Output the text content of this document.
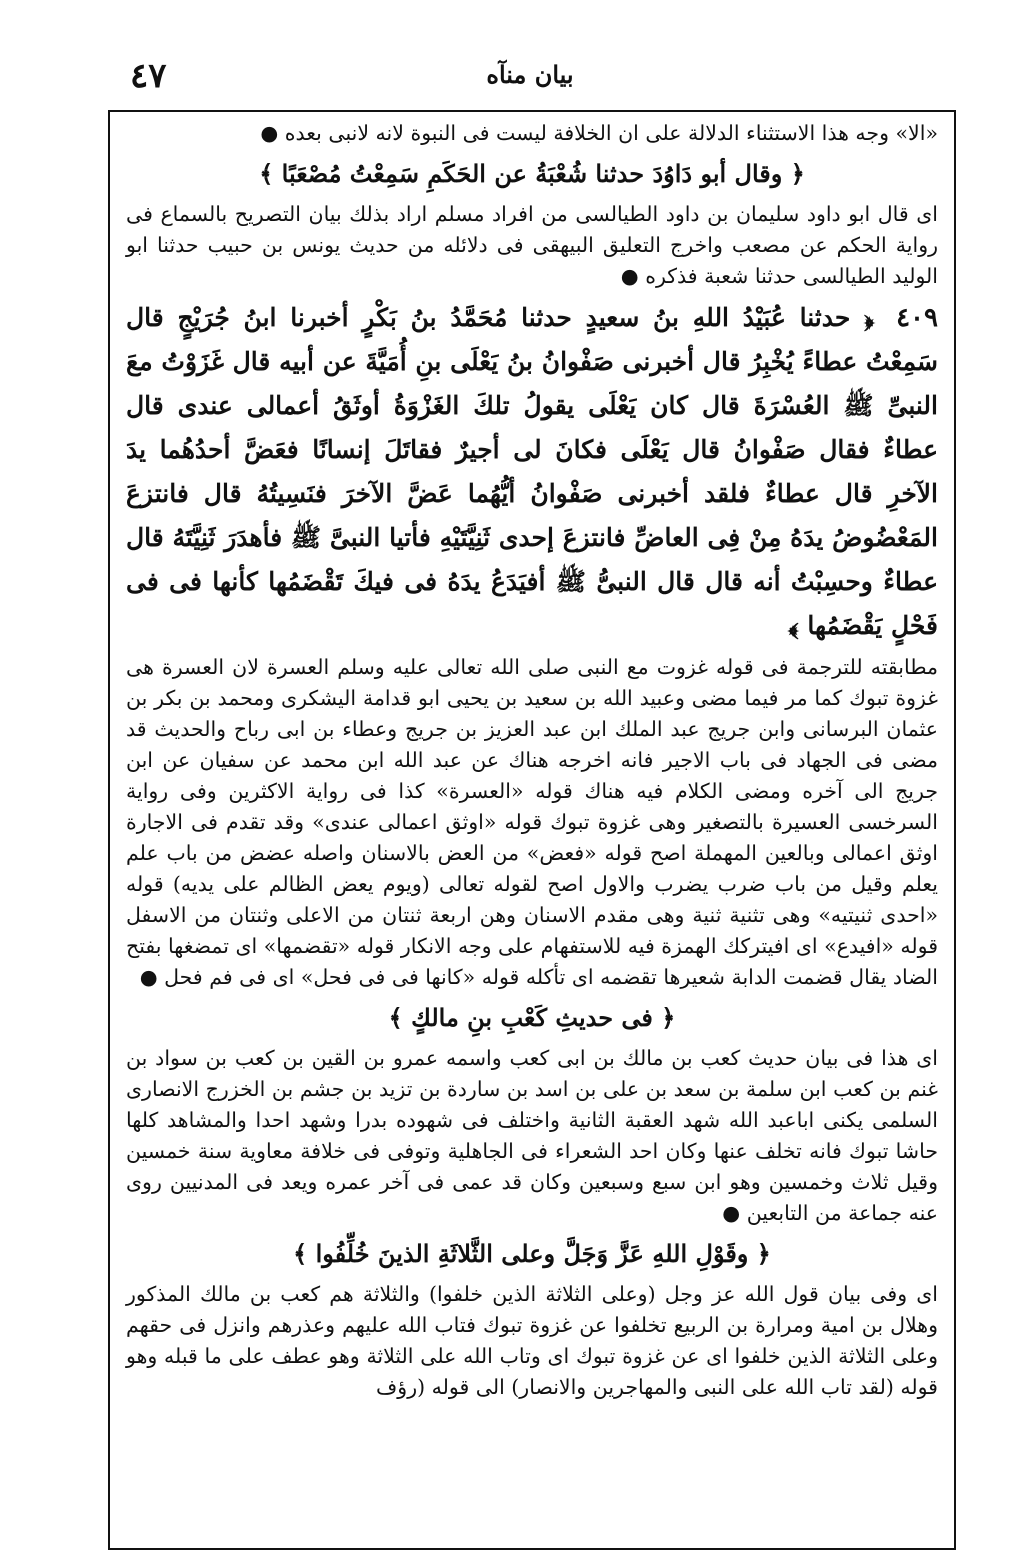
٤٧	بيان منآه

«الا» وجه هذا الاستثناء الدلالة على ان الخلافة ليست فى النبوة لانه لانبى بعده ●

﴿ وقال أبو دَاوُدَ حدثنا شُعْبَةُ عن الحَكَمِ سَمِعْتُ مُصْعَبًا ﴾

اى قال ابو داود سليمان بن داود الطيالسى من افراد مسلم اراد بذلك بيان التصريح بالسماع فى رواية الحكم عن مصعب واخرج التعليق البيهقى فى دلائله من حديث يونس بن حبيب حدثنا ابو الوليد الطيالسى حدثنا شعبة فذكره ●

٤٠٩ ﴿ حدثنا عُبَيْدُ اللهِ بنُ سعيدٍ حدثنا مُحَمَّدُ بنُ بَكْرٍ أخبرنا ابنُ جُرَيْجٍ قال سَمِعْتُ عطاءً يُخْبِرُ قال أخبرنى صَفْوانُ بنُ يَعْلَى بنِ أُمَيَّةَ عن أبيه قال غَزَوْتُ معَ النبىِّ ﷺ العُسْرَةَ قال كان يَعْلَى يقولُ تلكَ الغَزْوَةُ أوثَقُ أعمالى عندى قال عطاءٌ فقال صَفْوانُ قال يَعْلَى فكانَ لى أجيرٌ فقاتَلَ إنسانًا فعَضَّ أحدُهُما يدَ الآخرِ قال عطاءٌ فلقد أخبرنى صَفْوانُ أيُّهُما عَضَّ الآخرَ فنَسِيتُهُ قال فانتزعَ المَعْضُوضُ يدَهُ مِنْ فِى العاضِّ فانتزعَ إحدى ثَنِيَّتَيْهِ فأتيا النبىَّ ﷺ فأهدَرَ ثَنِيَّتَهُ قال عطاءٌ وحسِبْتُ أنه قال قال النبىُّ ﷺ أفيَدَعُ يدَهُ فى فيكَ تَقْضَمُها كأنها فى فى فَحْلٍ يَقْضَمُها ﴾

مطابقته للترجمة فى قوله غزوت مع النبى صلى الله تعالى عليه وسلم العسرة لان العسرة هى غزوة تبوك كما مر فيما مضى وعبيد الله بن سعيد بن يحيى ابو قدامة اليشكرى ومحمد بن بكر بن عثمان البرسانى وابن جريج عبد الملك ابن عبد العزيز بن جريج وعطاء بن ابى رباح والحديث قد مضى فى الجهاد فى باب الاجير فانه اخرجه هناك عن عبد الله ابن محمد عن سفيان عن ابن جريج الى آخره ومضى الكلام فيه هناك قوله «العسرة» كذا فى رواية الاكثرين وفى رواية السرخسى العسيرة بالتصغير وهى غزوة تبوك قوله «اوثق اعمالى عندى» وقد تقدم فى الاجارة اوثق اعمالى وبالعين المهملة اصح قوله «فعض» من العض بالاسنان واصله عضض من باب علم يعلم وقيل من باب ضرب يضرب والاول اصح لقوله تعالى (ويوم يعض الظالم على يديه) قوله «احدى ثنيتيه» وهى تثنية ثنية وهى مقدم الاسنان وهن اربعة ثنتان من الاعلى وثنتان من الاسفل قوله «افيدع» اى افيتركك الهمزة فيه للاستفهام على وجه الانكار قوله «تقضمها» اى تمضغها بفتح الضاد يقال قضمت الدابة شعيرها تقضمه اى تأكله قوله «كانها فى فى فحل» اى فى فم فحل ●

﴿ فى حديثِ كَعْبِ بنِ مالكٍ ﴾

اى هذا فى بيان حديث كعب بن مالك بن ابى كعب واسمه عمرو بن القين بن كعب بن سواد بن غنم بن كعب ابن سلمة بن سعد بن على بن اسد بن ساردة بن تزيد بن جشم بن الخزرج الانصارى السلمى يكنى اباعبد الله شهد العقبة الثانية واختلف فى شهوده بدرا وشهد احدا والمشاهد كلها حاشا تبوك فانه تخلف عنها وكان احد الشعراء فى الجاهلية وتوفى فى خلافة معاوية سنة خمسين وقيل ثلاث وخمسين وهو ابن سبع وسبعين وكان قد عمى فى آخر عمره ويعد فى المدنيين روى عنه جماعة من التابعين ●

﴿ وقَوْلِ اللهِ عَزَّ وَجَلَّ وعلى الثَّلاثَةِ الذينَ خُلِّفُوا ﴾

اى وفى بيان قول الله عز وجل (وعلى الثلاثة الذين خلفوا) والثلاثة هم كعب بن مالك المذكور وهلال بن امية ومرارة بن الربيع تخلفوا عن غزوة تبوك فتاب الله عليهم وعذرهم وانزل فى حقهم وعلى الثلاثة الذين خلفوا اى عن غزوة تبوك اى وتاب الله على الثلاثة وهو عطف على ما قبله وهو قوله (لقد تاب الله على النبى والمهاجرين والانصار) الى قوله (رؤف
